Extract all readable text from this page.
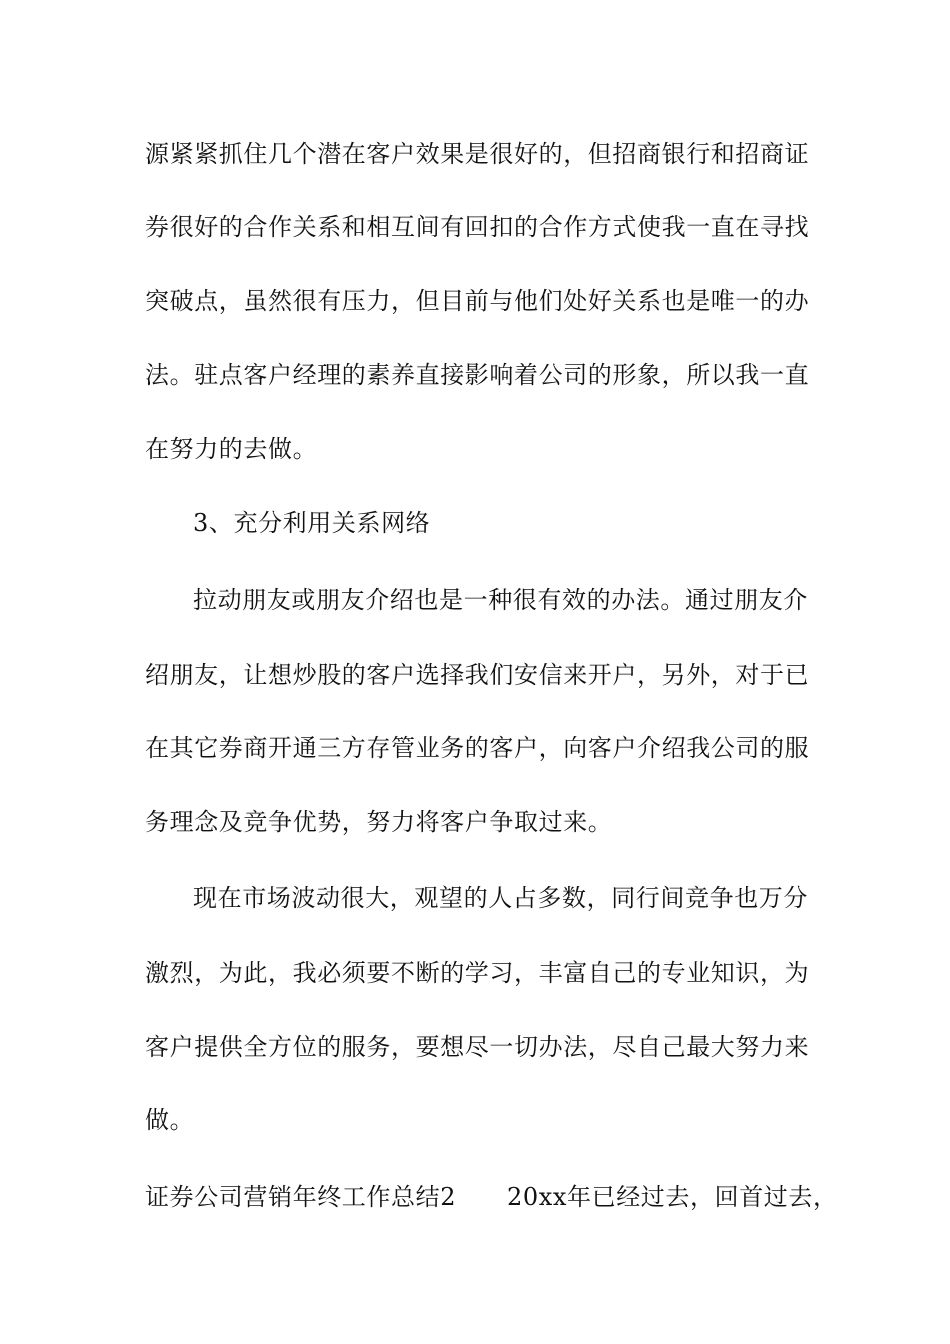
源紧紧抓住几个潜在客户效果是很好的，但招商银行和招商证
券很好的合作关系和相互间有回扣的合作方式使我一直在寻找
突破点，虽然很有压力，但目前与他们处好关系也是唯一的办
法。驻点客户经理的素养直接影响着公司的形象，所以我一直
在努力的去做。
3、充分利用关系网络
拉动朋友或朋友介绍也是一种很有效的办法。通过朋友介
绍朋友，让想炒股的客户选择我们安信来开户，另外，对于已
在其它券商开通三方存管业务的客户，向客户介绍我公司的服
务理念及竞争优势，努力将客户争取过来。
现在市场波动很大，观望的人占多数，同行间竞争也万分
激烈，为此，我必须要不断的学习，丰富自己的专业知识，为
客户提供全方位的服务，要想尽一切办法，尽自己最大努力来
做。
证券公司营销年终工作总结2 20xx年已经过去，回首过去，
